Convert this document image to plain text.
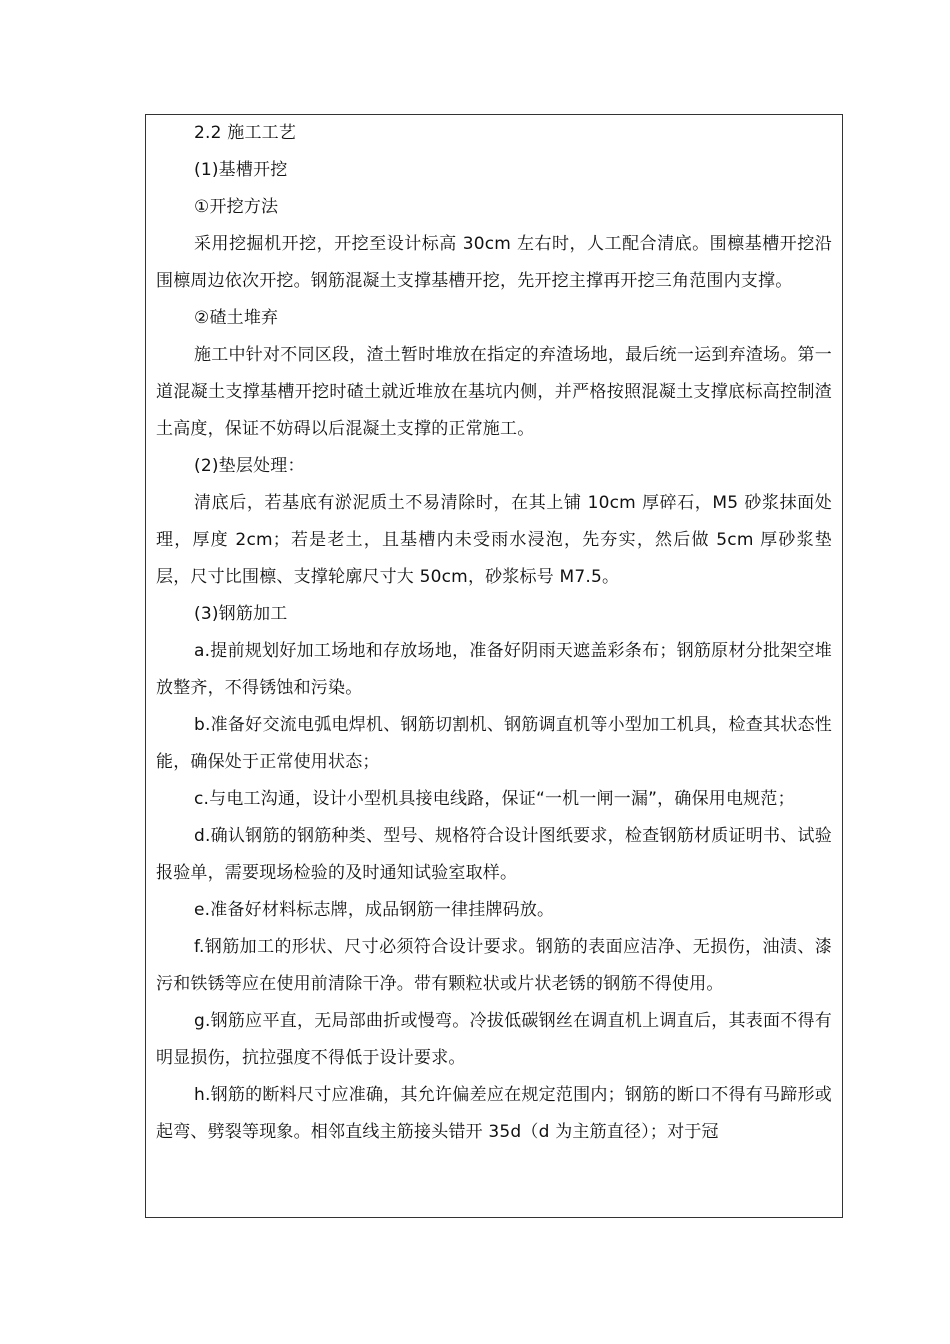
2.2 施工工艺

(1)基槽开挖

①开挖方法

采用挖掘机开挖，开挖至设计标高 30cm 左右时，人工配合清底。围檩基槽开挖沿围檩周边依次开挖。钢筋混凝土支撑基槽开挖，先开挖主撑再开挖三角范围内支撑。

②碴土堆弃

施工中针对不同区段，渣土暂时堆放在指定的弃渣场地，最后统一运到弃渣场。第一道混凝土支撑基槽开挖时碴土就近堆放在基坑内侧，并严格按照混凝土支撑底标高控制渣土高度，保证不妨碍以后混凝土支撑的正常施工。

(2)垫层处理：

清底后，若基底有淤泥质土不易清除时，在其上铺 10cm 厚碎石，M5 砂浆抹面处理，厚度 2cm；若是老土，且基槽内未受雨水浸泡，先夯实，然后做 5cm 厚砂浆垫层，尺寸比围檩、支撑轮廓尺寸大 50cm，砂浆标号 M7.5。

(3)钢筋加工

a.提前规划好加工场地和存放场地，准备好阴雨天遮盖彩条布；钢筋原材分批架空堆放整齐，不得锈蚀和污染。

b.准备好交流电弧电焊机、钢筋切割机、钢筋调直机等小型加工机具，检查其状态性能，确保处于正常使用状态；

c.与电工沟通，设计小型机具接电线路，保证“一机一闸一漏”，确保用电规范；

d.确认钢筋的钢筋种类、型号、规格符合设计图纸要求，检查钢筋材质证明书、试验报验单，需要现场检验的及时通知试验室取样。

e.准备好材料标志牌，成品钢筋一律挂牌码放。

f.钢筋加工的形状、尺寸必须符合设计要求。钢筋的表面应洁净、无损伤，油渍、漆污和铁锈等应在使用前清除干净。带有颗粒状或片状老锈的钢筋不得使用。

g.钢筋应平直，无局部曲折或慢弯。冷拔低碳钢丝在调直机上调直后，其表面不得有明显损伤，抗拉强度不得低于设计要求。

h.钢筋的断料尺寸应准确，其允许偏差应在规定范围内；钢筋的断口不得有马蹄形或起弯、劈裂等现象。相邻直线主筋接头错开 35d（d 为主筋直径）；对于冠
